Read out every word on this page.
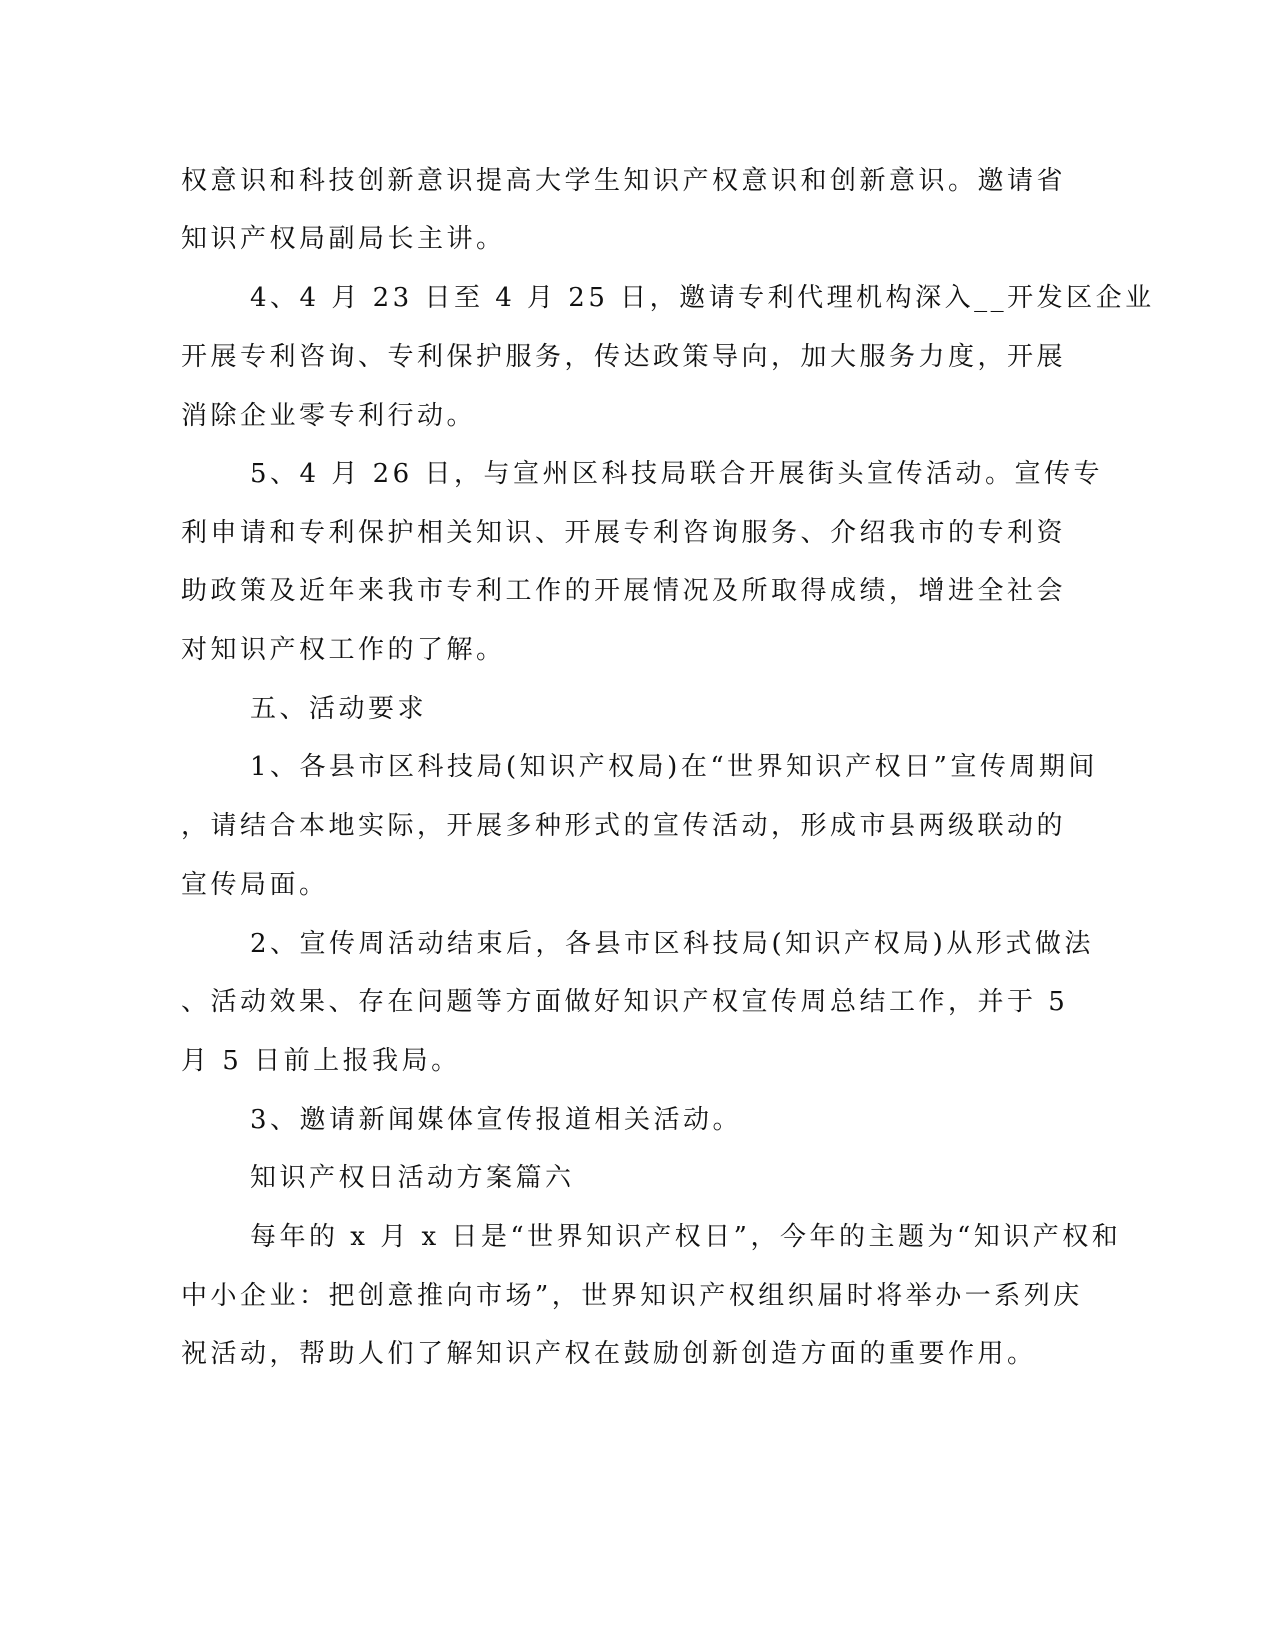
权意识和科技创新意识提高大学生知识产权意识和创新意识。邀请省
知识产权局副局长主讲。
4、4 月 23 日至 4 月 25 日，邀请专利代理机构深入__开发区企业
开展专利咨询、专利保护服务，传达政策导向，加大服务力度，开展
消除企业零专利行动。
5、4 月 26 日，与宣州区科技局联合开展街头宣传活动。宣传专
利申请和专利保护相关知识、开展专利咨询服务、介绍我市的专利资
助政策及近年来我市专利工作的开展情况及所取得成绩，增进全社会
对知识产权工作的了解。
五、活动要求
1、各县市区科技局(知识产权局)在“世界知识产权日”宣传周期间
，请结合本地实际，开展多种形式的宣传活动，形成市县两级联动的
宣传局面。
2、宣传周活动结束后，各县市区科技局(知识产权局)从形式做法
、活动效果、存在问题等方面做好知识产权宣传周总结工作，并于 5
月 5 日前上报我局。
3、邀请新闻媒体宣传报道相关活动。
知识产权日活动方案篇六
每年的 x 月 x 日是“世界知识产权日”，今年的主题为“知识产权和
中小企业：把创意推向市场”，世界知识产权组织届时将举办一系列庆
祝活动，帮助人们了解知识产权在鼓励创新创造方面的重要作用。
